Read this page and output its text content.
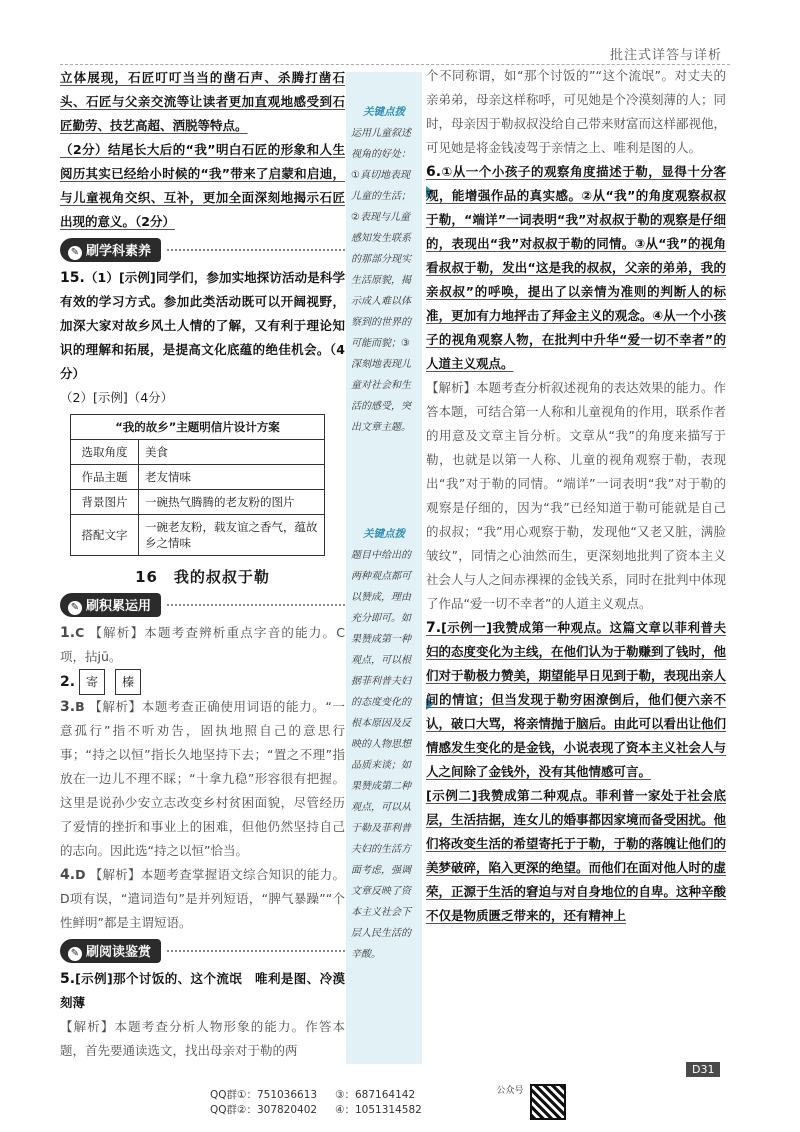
批注式详答与详析

立体展现，石匠叮叮当当的凿石声、杀腾打凿石头、石匠与父亲交流等让读者更加直观地感受到石匠勤劳、技艺高超、洒脱等特点。

（2分）结尾长大后的“我”明白石匠的形象和人生阅历其实已经给小时候的“我”带来了启蒙和启迪，与儿童视角交织、互补，更加全面深刻地揭示石匠出现的意义。（2分）

✎ 刷学科素养

15.（1）[示例]同学们，参加实地探访活动是科学有效的学习方式。参加此类活动既可以开阔视野，加深大家对故乡风土人情的了解，又有利于理论知识的理解和拓展，是提高文化底蕴的绝佳机会。（4分）

（2）[示例]（4分）

“我的故乡”主题明信片设计方案	
选取角度	美食
作品主题	老友情味
背景图片	一碗热气腾腾的老友粉的图片
搭配文字	一碗老友粉，载友谊之香气，蕴故乡之情味
16　我的叔叔于勒
✎ 刷积累运用

1.C 【解析】本题考查辨析重点字音的能力。C项，拈jū。

2. 寄 榛

3.B 【解析】本题考查正确使用词语的能力。“一意孤行”指不听劝告，固执地照自己的意思行事；“持之以恒”指长久地坚持下去；“置之不理”指放在一边儿不理不睬；“十拿九稳”形容很有把握。这里是说孙少安立志改变乡村贫困面貌，尽管经历了爱情的挫折和事业上的困难，但他仍然坚持自己的志向。因此选“持之以恒”恰当。

4.D 【解析】本题考查掌握语文综合知识的能力。D项有误，“遣词造句”是并列短语，“脾气暴躁”“个性鲜明”都是主谓短语。

✎ 刷阅读鉴赏

5.[示例]那个讨饭的、这个流氓　唯利是图、冷漠刻薄

【解析】本题考查分析人物形象的能力。作答本题，首先要通读选文，找出母亲对于勒的两

关键点拨
运用儿童叙述视角的好处：①真切地表现儿童的生活；②表现与儿童感知发生联系的那部分现实生活原貌，揭示成人难以体察到的世界的可能而貌；③深刻地表现儿童对社会和生活的感受，突出文章主题。
关键点拨
题目中给出的两种观点都可以赞成，理由充分即可。如果赞成第一种观点，可以根据菲利普夫妇的态度变化的根本原因及反映的人物思想品质来谈；如果赞成第二种观点，可以从于勒及菲利普夫妇的生活方面考虑，强调文章反映了资本主义社会下层人民生活的辛酸。

个不同称谓，如“那个讨饭的”“这个流氓”。对丈夫的亲弟弟，母亲这样称呼，可见她是个冷漠刻薄的人；同时，母亲因于勒叔叔没给自己带来财富而这样鄙视他，可见她是将金钱凌驾于亲情之上、唯利是图的人。

6.①从一个小孩子的观察角度描述于勒，显得十分客观，能增强作品的真实感。②从“我”的角度观察叔叔于勒，“端详”一词表明“我”对叔叔于勒的观察是仔细的，表现出“我”对叔叔于勒的同情。③从“我”的视角看叔叔于勒，发出“这是我的叔叔，父亲的弟弟，我的亲叔叔”的呼唤，提出了以亲情为准则的判断人的标准，更加有力地抨击了拜金主义的观念。④从一个小孩子的视角观察人物，在批判中升华“爱一切不幸者”的人道主义观点。

【解析】本题考查分析叙述视角的表达效果的能力。作答本题，可结合第一人称和儿童视角的作用，联系作者的用意及文章主旨分析。文章从“我”的角度来描写于勒，也就是以第一人称、儿童的视角观察于勒，表现出“我”对于勒的同情。“端详”一词表明“我”对于勒的观察是仔细的，因为“我”已经知道于勒可能就是自己的叔叔；“我”用心观察于勒，发现他“又老又脏，满脸皱纹”，同情之心油然而生，更深刻地批判了资本主义社会人与人之间赤裸裸的金钱关系，同时在批判中体现了作品“爱一切不幸者”的人道主义观点。

7.[示例一]我赞成第一种观点。这篇文章以菲利普夫妇的态度变化为主线，在他们认为于勒赚到了钱时，他们对于勒极力赞美，期望能早日见到于勒，表现出亲人间的情谊；但当发现于勒穷困潦倒后，他们便六亲不认，破口大骂，将亲情抛于脑后。由此可以看出让他们情感发生变化的是金钱，小说表现了资本主义社会人与人之间除了金钱外，没有其他情感可言。

[示例二]我赞成第二种观点。菲利普一家处于社会底层，生活拮据，连女儿的婚事都因家境而备受困扰。他们将改变生活的希望寄托于于勒，于勒的落魄让他们的美梦破碎，陷入更深的绝望。而他们在面对他人时的虚荣，正源于生活的窘迫与对自身地位的自卑。这种辛酸不仅是物质匮乏带来的，还有精神上

D31
QQ群①：751036613 ③：687164142
QQ群②：307820402 ④：1051314582
公众号
